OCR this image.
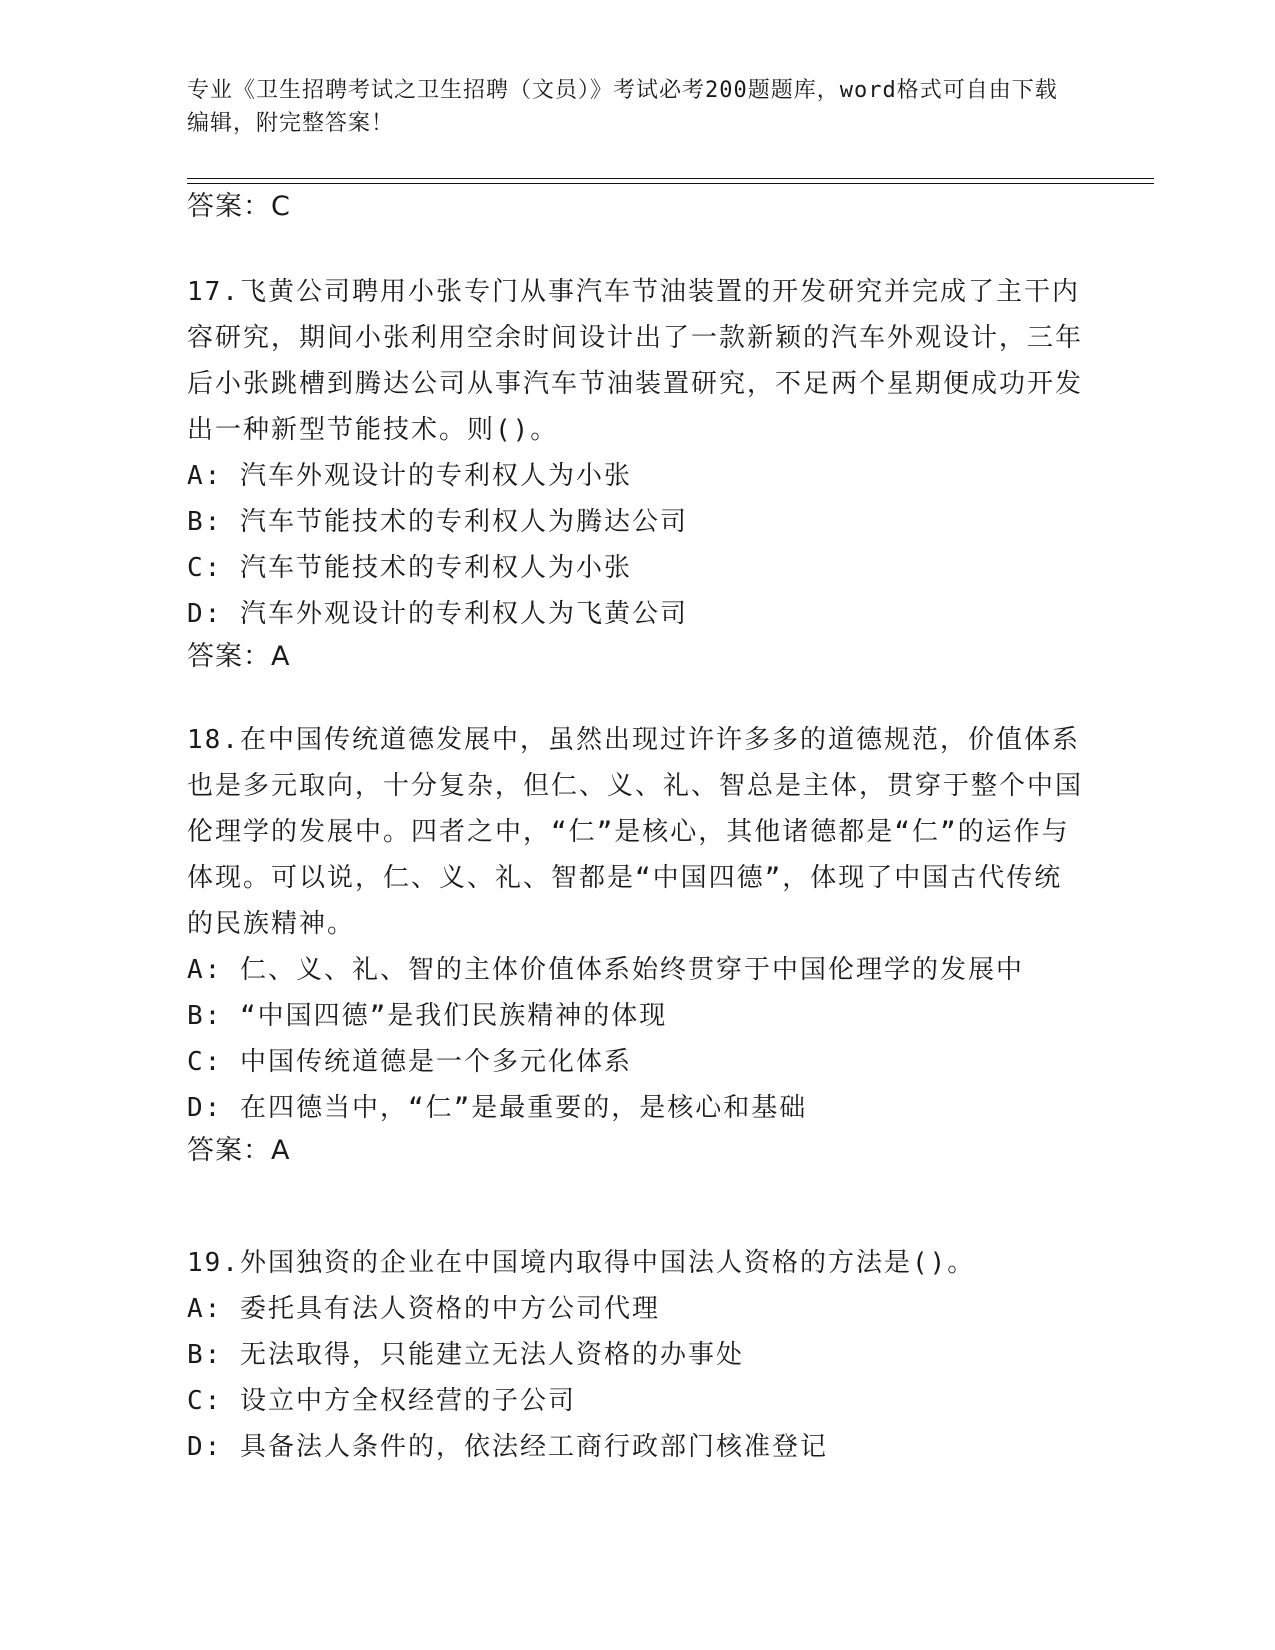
专业《卫生招聘考试之卫生招聘（文员）》考试必考200题题库，word格式可自由下载编辑，附完整答案！
答案：C
17.飞黄公司聘用小张专门从事汽车节油装置的开发研究并完成了主干内容研究，期间小张利用空余时间设计出了一款新颖的汽车外观设计，三年后小张跳槽到腾达公司从事汽车节油装置研究，不足两个星期便成功开发出一种新型节能技术。则()。
A: 汽车外观设计的专利权人为小张
B: 汽车节能技术的专利权人为腾达公司
C: 汽车节能技术的专利权人为小张
D: 汽车外观设计的专利权人为飞黄公司
答案：A
18.在中国传统道德发展中，虽然出现过许许多多的道德规范，价值体系也是多元取向，十分复杂，但仁、义、礼、智总是主体，贯穿于整个中国伦理学的发展中。四者之中，“仁”是核心，其他诸德都是“仁”的运作与体现。可以说，仁、义、礼、智都是“中国四德”，体现了中国古代传统的民族精神。
A: 仁、义、礼、智的主体价值体系始终贯穿于中国伦理学的发展中
B: “中国四德”是我们民族精神的体现
C: 中国传统道德是一个多元化体系
D: 在四德当中，“仁”是最重要的，是核心和基础
答案：A
19.外国独资的企业在中国境内取得中国法人资格的方法是()。
A: 委托具有法人资格的中方公司代理
B: 无法取得，只能建立无法人资格的办事处
C: 设立中方全权经营的子公司
D: 具备法人条件的，依法经工商行政部门核准登记
